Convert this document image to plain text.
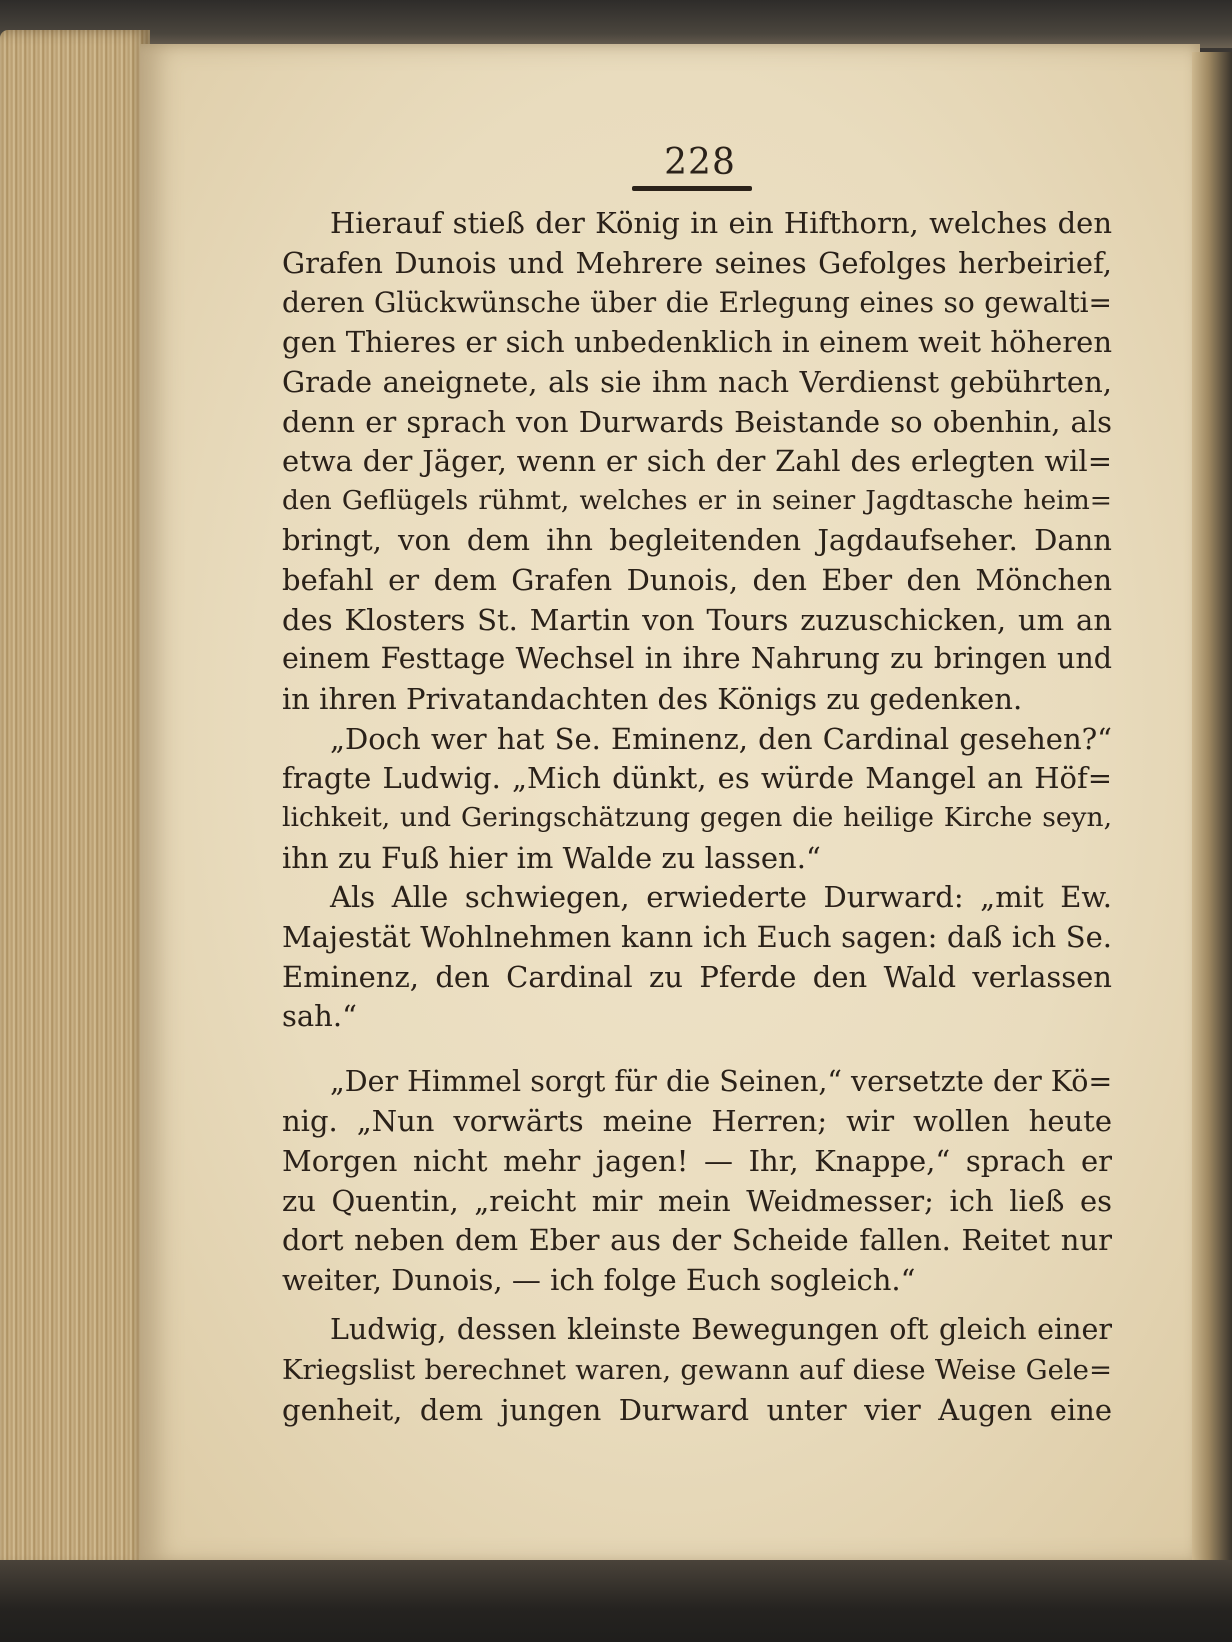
228
Hierauf stieß der König in ein Hifthorn, welches den
Grafen Dunois und Mehrere seines Gefolges herbeirief,
deren Glückwünsche über die Erlegung eines so gewalti=
gen Thieres er sich unbedenklich in einem weit höheren
Grade aneignete, als sie ihm nach Verdienst gebührten,
denn er sprach von Durwards Beistande so obenhin, als
etwa der Jäger, wenn er sich der Zahl des erlegten wil=
den Geflügels rühmt, welches er in seiner Jagdtasche heim=
bringt, von dem ihn begleitenden Jagdaufseher. Dann
befahl er dem Grafen Dunois, den Eber den Mönchen
des Klosters St. Martin von Tours zuzuschicken, um an
einem Festtage Wechsel in ihre Nahrung zu bringen und
in ihren Privatandachten des Königs zu gedenken.
„Doch wer hat Se. Eminenz, den Cardinal gesehen?“
fragte Ludwig. „Mich dünkt, es würde Mangel an Höf=
lichkeit, und Geringschätzung gegen die heilige Kirche seyn,
ihn zu Fuß hier im Walde zu lassen.“
Als Alle schwiegen, erwiederte Durward: „mit Ew.
Majestät Wohlnehmen kann ich Euch sagen: daß ich Se.
Eminenz, den Cardinal zu Pferde den Wald verlassen
sah.“
„Der Himmel sorgt für die Seinen,“ versetzte der Kö=
nig. „Nun vorwärts meine Herren; wir wollen heute
Morgen nicht mehr jagen! — Ihr, Knappe,“ sprach er
zu Quentin, „reicht mir mein Weidmesser; ich ließ es
dort neben dem Eber aus der Scheide fallen. Reitet nur
weiter, Dunois, — ich folge Euch sogleich.“
Ludwig, dessen kleinste Bewegungen oft gleich einer
Kriegslist berechnet waren, gewann auf diese Weise Gele=
genheit, dem jungen Durward unter vier Augen eine
